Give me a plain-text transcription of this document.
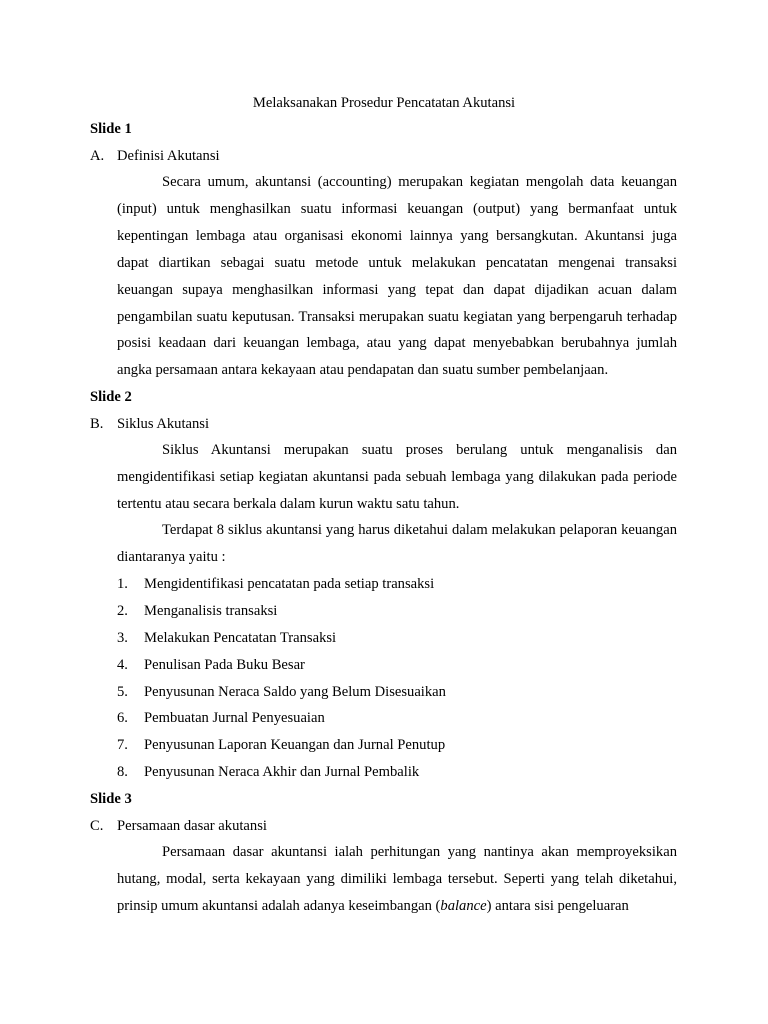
Melaksanakan Prosedur Pencatatan Akutansi
Slide 1
A. Definisi Akutansi
Secara umum, akuntansi (accounting) merupakan kegiatan mengolah data keuangan (input) untuk menghasilkan suatu informasi keuangan (output) yang bermanfaat untuk kepentingan lembaga atau organisasi ekonomi lainnya yang bersangkutan. Akuntansi juga dapat diartikan sebagai suatu metode untuk melakukan pencatatan mengenai transaksi keuangan supaya menghasilkan informasi yang tepat dan dapat dijadikan acuan dalam pengambilan suatu keputusan. Transaksi merupakan suatu kegiatan yang berpengaruh terhadap posisi keadaan dari keuangan lembaga, atau yang dapat menyebabkan berubahnya jumlah angka persamaan antara kekayaan atau pendapatan dan suatu sumber pembelanjaan.
Slide 2
B. Siklus Akutansi
Siklus Akuntansi merupakan suatu proses berulang untuk menganalisis dan mengidentifikasi setiap kegiatan akuntansi pada sebuah lembaga yang dilakukan pada periode tertentu atau secara berkala dalam kurun waktu satu tahun.
Terdapat 8 siklus akuntansi yang harus diketahui dalam melakukan pelaporan keuangan diantaranya yaitu :
1. Mengidentifikasi pencatatan pada setiap transaksi
2. Menganalisis transaksi
3. Melakukan Pencatatan Transaksi
4. Penulisan Pada Buku Besar
5. Penyusunan Neraca Saldo yang Belum Disesuaikan
6. Pembuatan Jurnal Penyesuaian
7. Penyusunan Laporan Keuangan dan Jurnal Penutup
8. Penyusunan Neraca Akhir dan Jurnal Pembalik
Slide 3
C. Persamaan dasar akutansi
Persamaan dasar akuntansi ialah perhitungan yang nantinya akan memproyeksikan hutang, modal, serta kekayaan yang dimiliki lembaga tersebut. Seperti yang telah diketahui, prinsip umum akuntansi adalah adanya keseimbangan (balance) antara sisi pengeluaran
